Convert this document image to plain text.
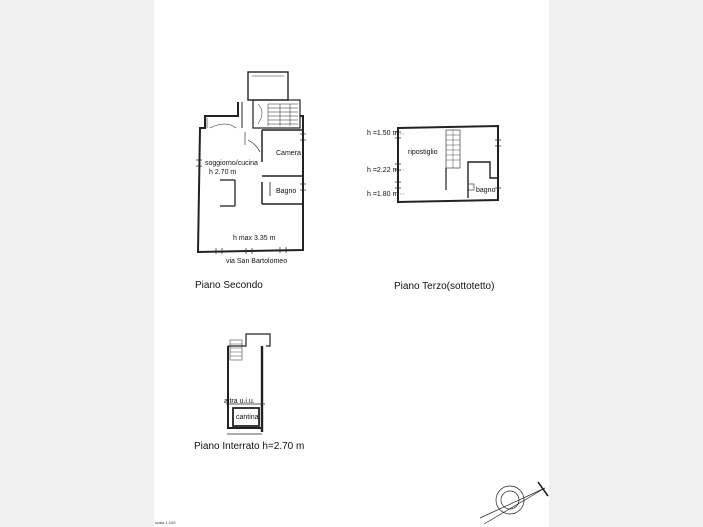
soggiorno/cucina
h 2.70 m
Camera
Bagno
h max 3.35 m
via San Bartolomeo
Piano Secondo
h =1.50 m
ripostiglio
h =2.22 m
bagno
h =1.80 m
Piano Terzo(sottotetto)
altra u.i.u.
cantina
Piano Interrato h=2.70 m
scala 1:100
